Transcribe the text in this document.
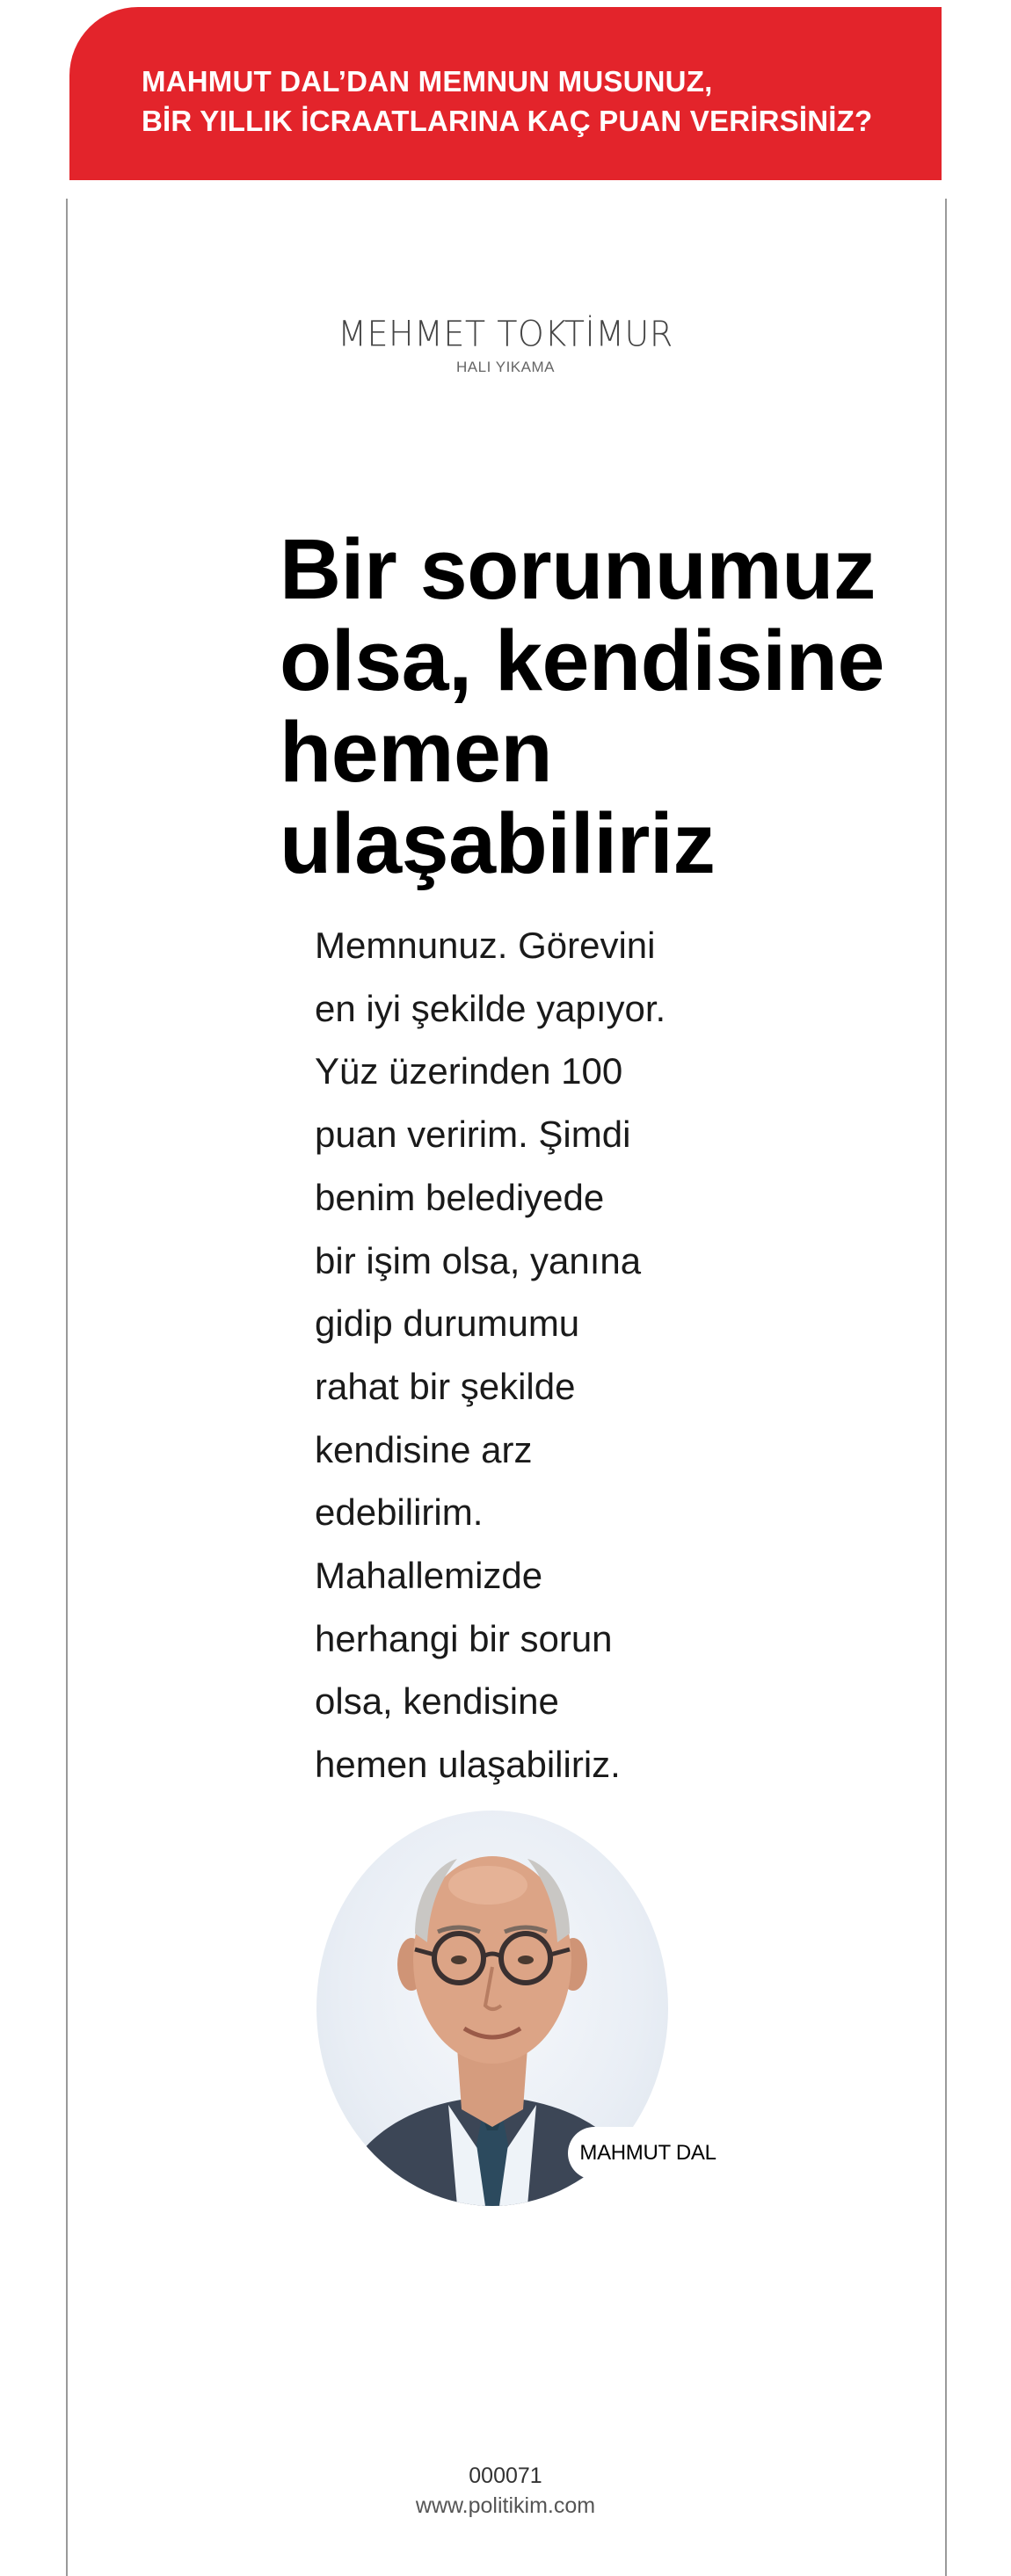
MAHMUT DAL’DAN MEMNUN MUSUNUZ,
BİR YILLIK İCRAATLARINA KAÇ PUAN VERİRSİNİZ?
MEHMET TOKTİMUR
HALI YIKAMA
Bir sorunumuz
olsa, kendisine
hemen
ulaşabiliriz

Memnunuz. Görevini
en iyi şekilde yapıyor.
Yüz üzerinden 100
puan veririm. Şimdi
benim belediyede
bir işim olsa, yanına
gidip durumumu
rahat bir şekilde
kendisine arz
edebilirim.
Mahallemizde
herhangi bir sorun
olsa, kendisine
hemen ulaşabiliriz.

MAHMUT DAL
000071
www.politikim.com
